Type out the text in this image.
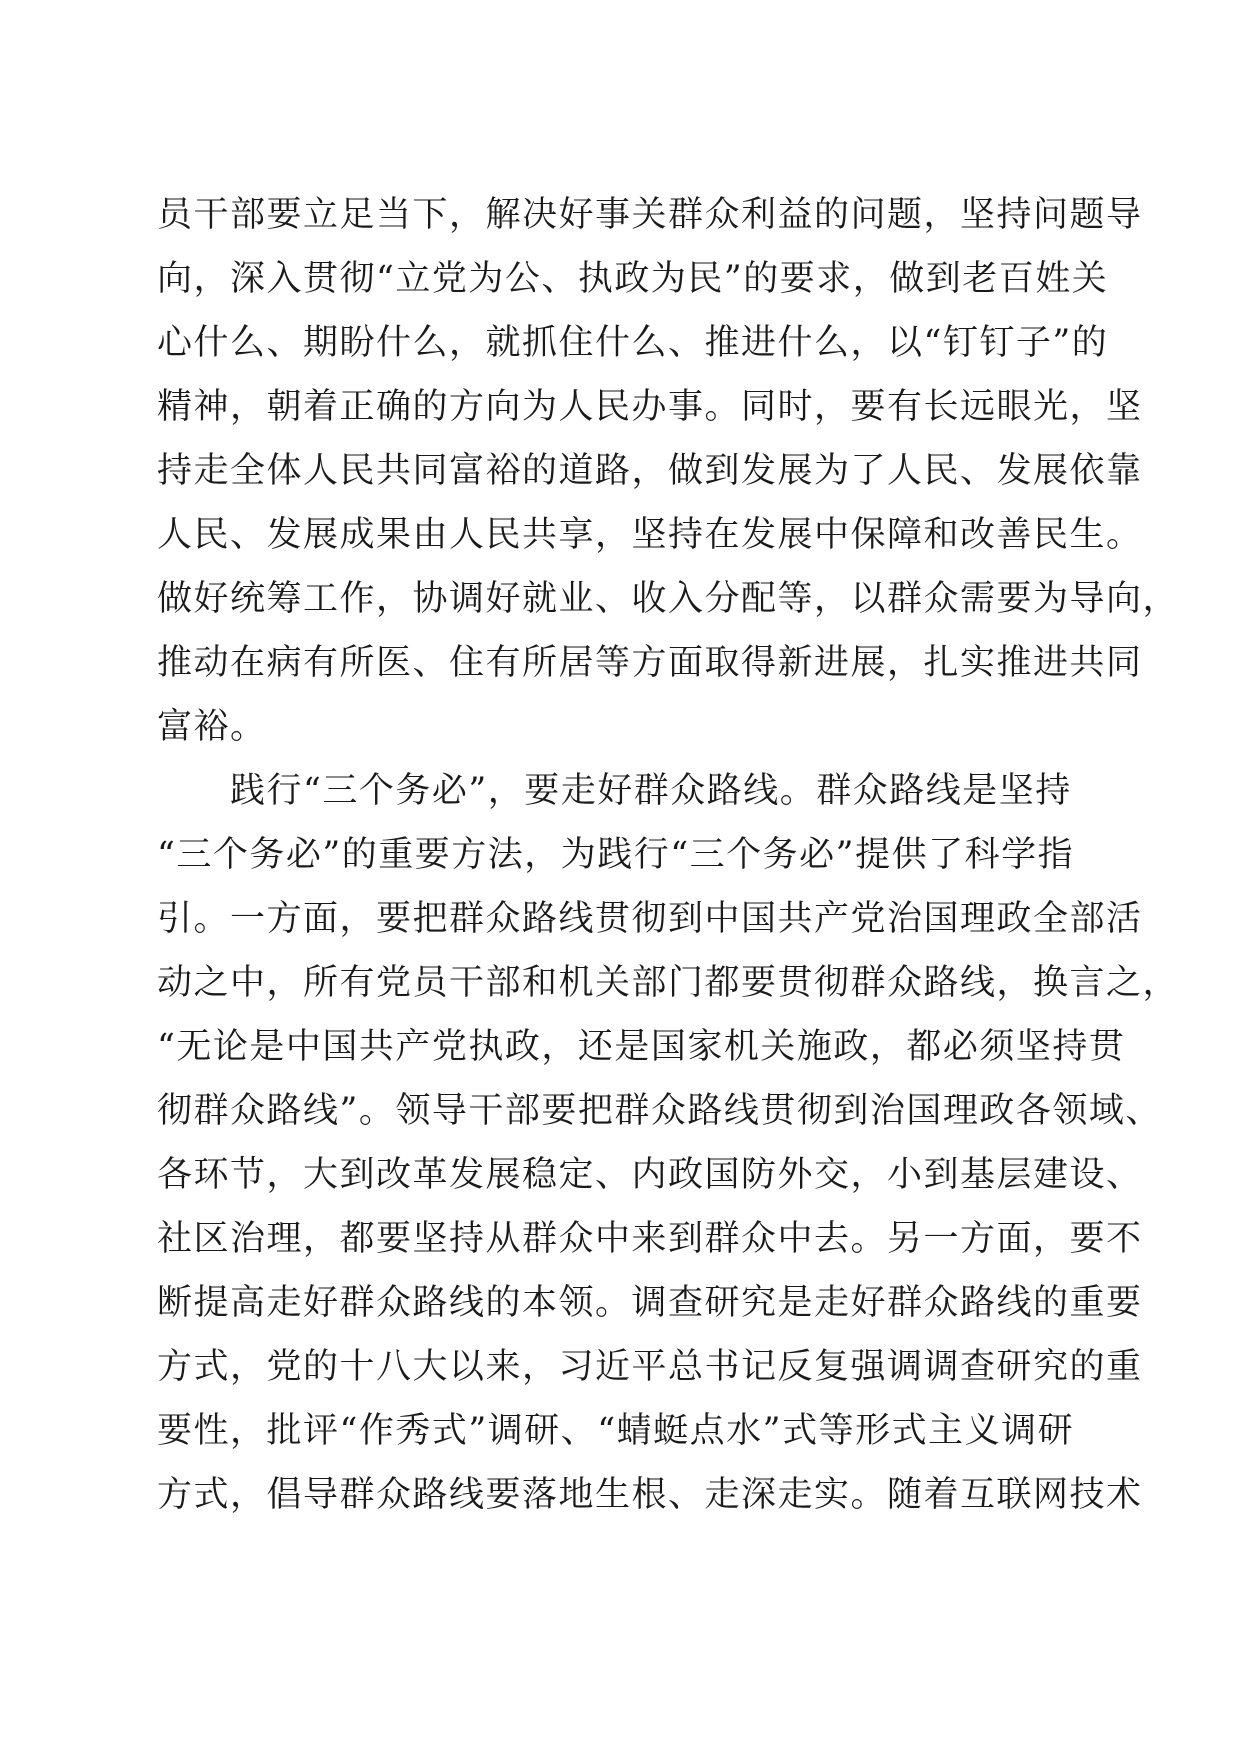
员干部要立足当下，解决好事关群众利益的问题，坚持问题导
向，深入贯彻“立党为公、执政为民”的要求，做到老百姓关
心什么、期盼什么，就抓住什么、推进什么，以“钉钉子”的
精神，朝着正确的方向为人民办事。同时，要有长远眼光，坚
持走全体人民共同富裕的道路，做到发展为了人民、发展依靠
人民、发展成果由人民共享，坚持在发展中保障和改善民生。
做好统筹工作，协调好就业、收入分配等，以群众需要为导向，
推动在病有所医、住有所居等方面取得新进展，扎实推进共同
富裕。
　　践行“三个务必”，要走好群众路线。群众路线是坚持
“三个务必”的重要方法，为践行“三个务必”提供了科学指
引。一方面，要把群众路线贯彻到中国共产党治国理政全部活
动之中，所有党员干部和机关部门都要贯彻群众路线，换言之，
“无论是中国共产党执政，还是国家机关施政，都必须坚持贯
彻群众路线”。领导干部要把群众路线贯彻到治国理政各领域、
各环节，大到改革发展稳定、内政国防外交，小到基层建设、
社区治理，都要坚持从群众中来到群众中去。另一方面，要不
断提高走好群众路线的本领。调查研究是走好群众路线的重要
方式，党的十八大以来，习近平总书记反复强调调查研究的重
要性，批评“作秀式”调研、“蜻蜓点水”式等形式主义调研
方式，倡导群众路线要落地生根、走深走实。随着互联网技术
